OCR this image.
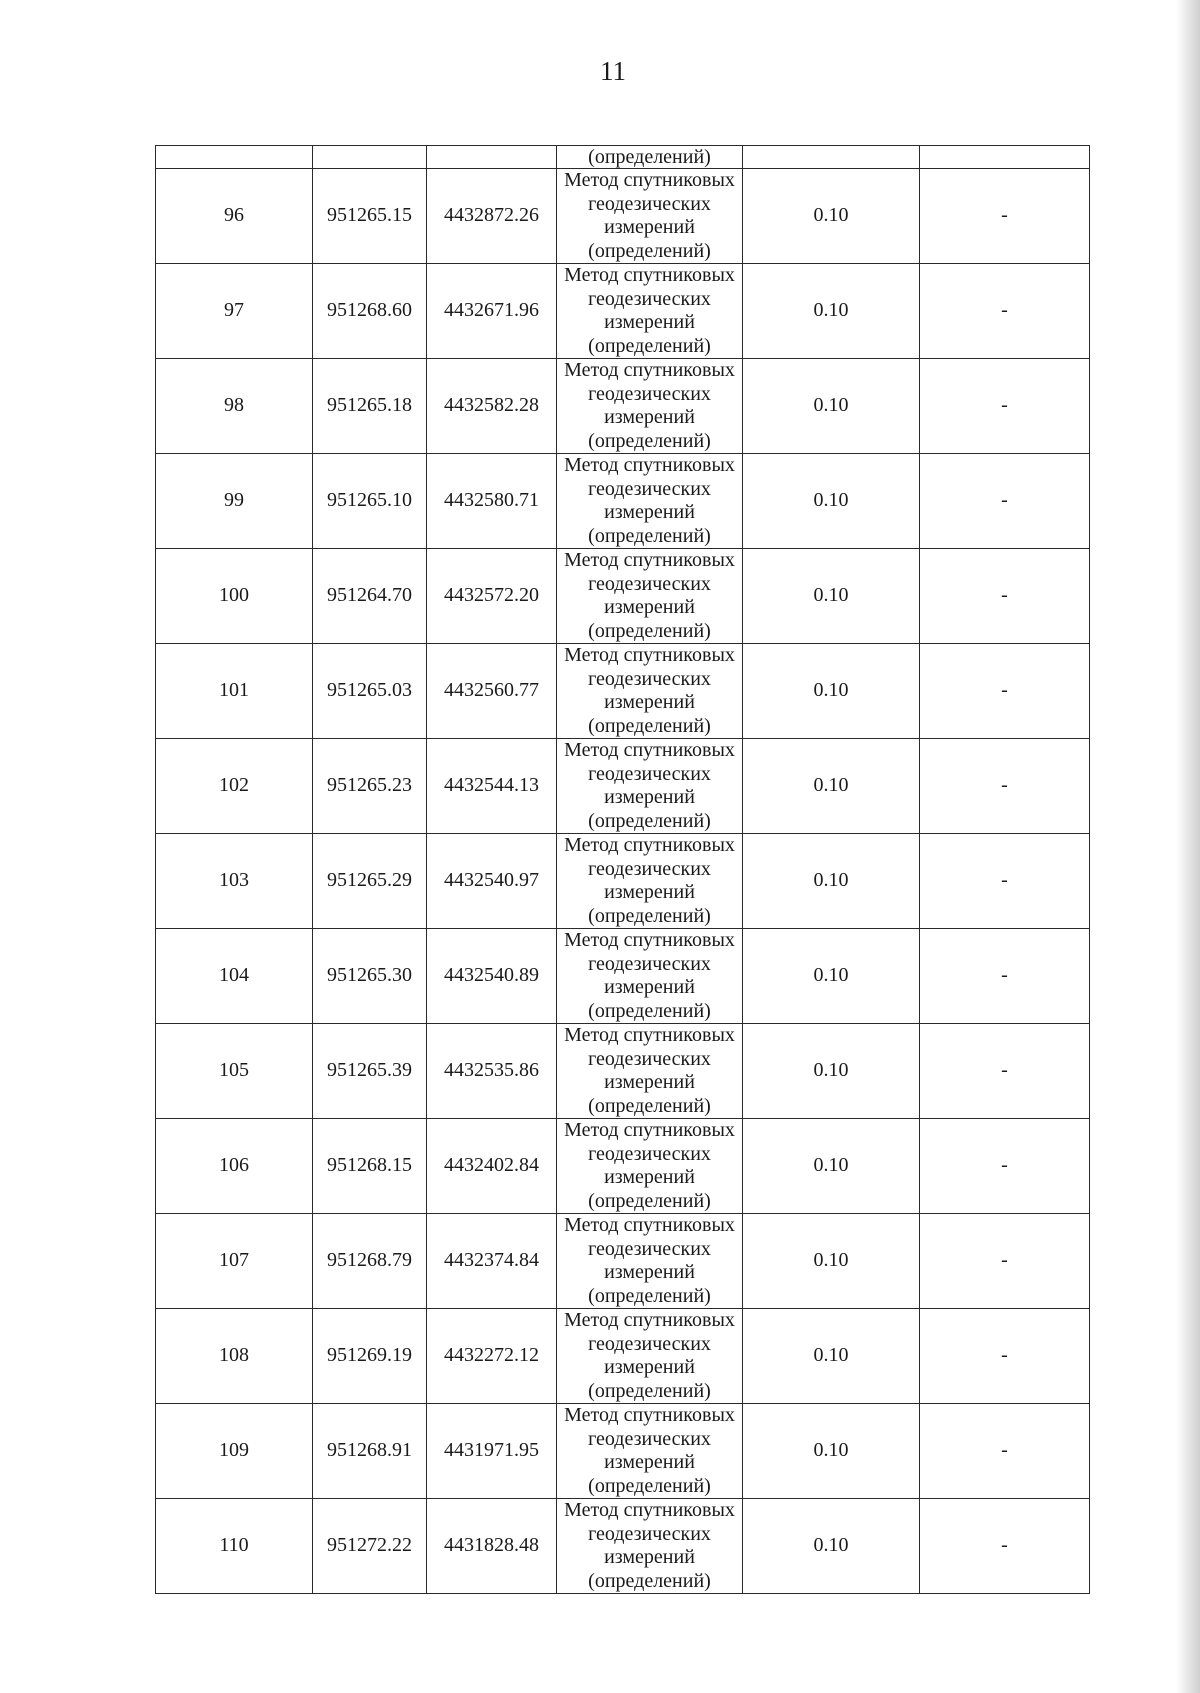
11
			(определений)		
96	951265.15	4432872.26	Метод спутниковых
геодезических
измерений
(определений)	0.10	-
97	951268.60	4432671.96	Метод спутниковых
геодезических
измерений
(определений)	0.10	-
98	951265.18	4432582.28	Метод спутниковых
геодезических
измерений
(определений)	0.10	-
99	951265.10	4432580.71	Метод спутниковых
геодезических
измерений
(определений)	0.10	-
100	951264.70	4432572.20	Метод спутниковых
геодезических
измерений
(определений)	0.10	-
101	951265.03	4432560.77	Метод спутниковых
геодезических
измерений
(определений)	0.10	-
102	951265.23	4432544.13	Метод спутниковых
геодезических
измерений
(определений)	0.10	-
103	951265.29	4432540.97	Метод спутниковых
геодезических
измерений
(определений)	0.10	-
104	951265.30	4432540.89	Метод спутниковых
геодезических
измерений
(определений)	0.10	-
105	951265.39	4432535.86	Метод спутниковых
геодезических
измерений
(определений)	0.10	-
106	951268.15	4432402.84	Метод спутниковых
геодезических
измерений
(определений)	0.10	-
107	951268.79	4432374.84	Метод спутниковых
геодезических
измерений
(определений)	0.10	-
108	951269.19	4432272.12	Метод спутниковых
геодезических
измерений
(определений)	0.10	-
109	951268.91	4431971.95	Метод спутниковых
геодезических
измерений
(определений)	0.10	-
110	951272.22	4431828.48	Метод спутниковых
геодезических
измерений
(определений)	0.10	-
